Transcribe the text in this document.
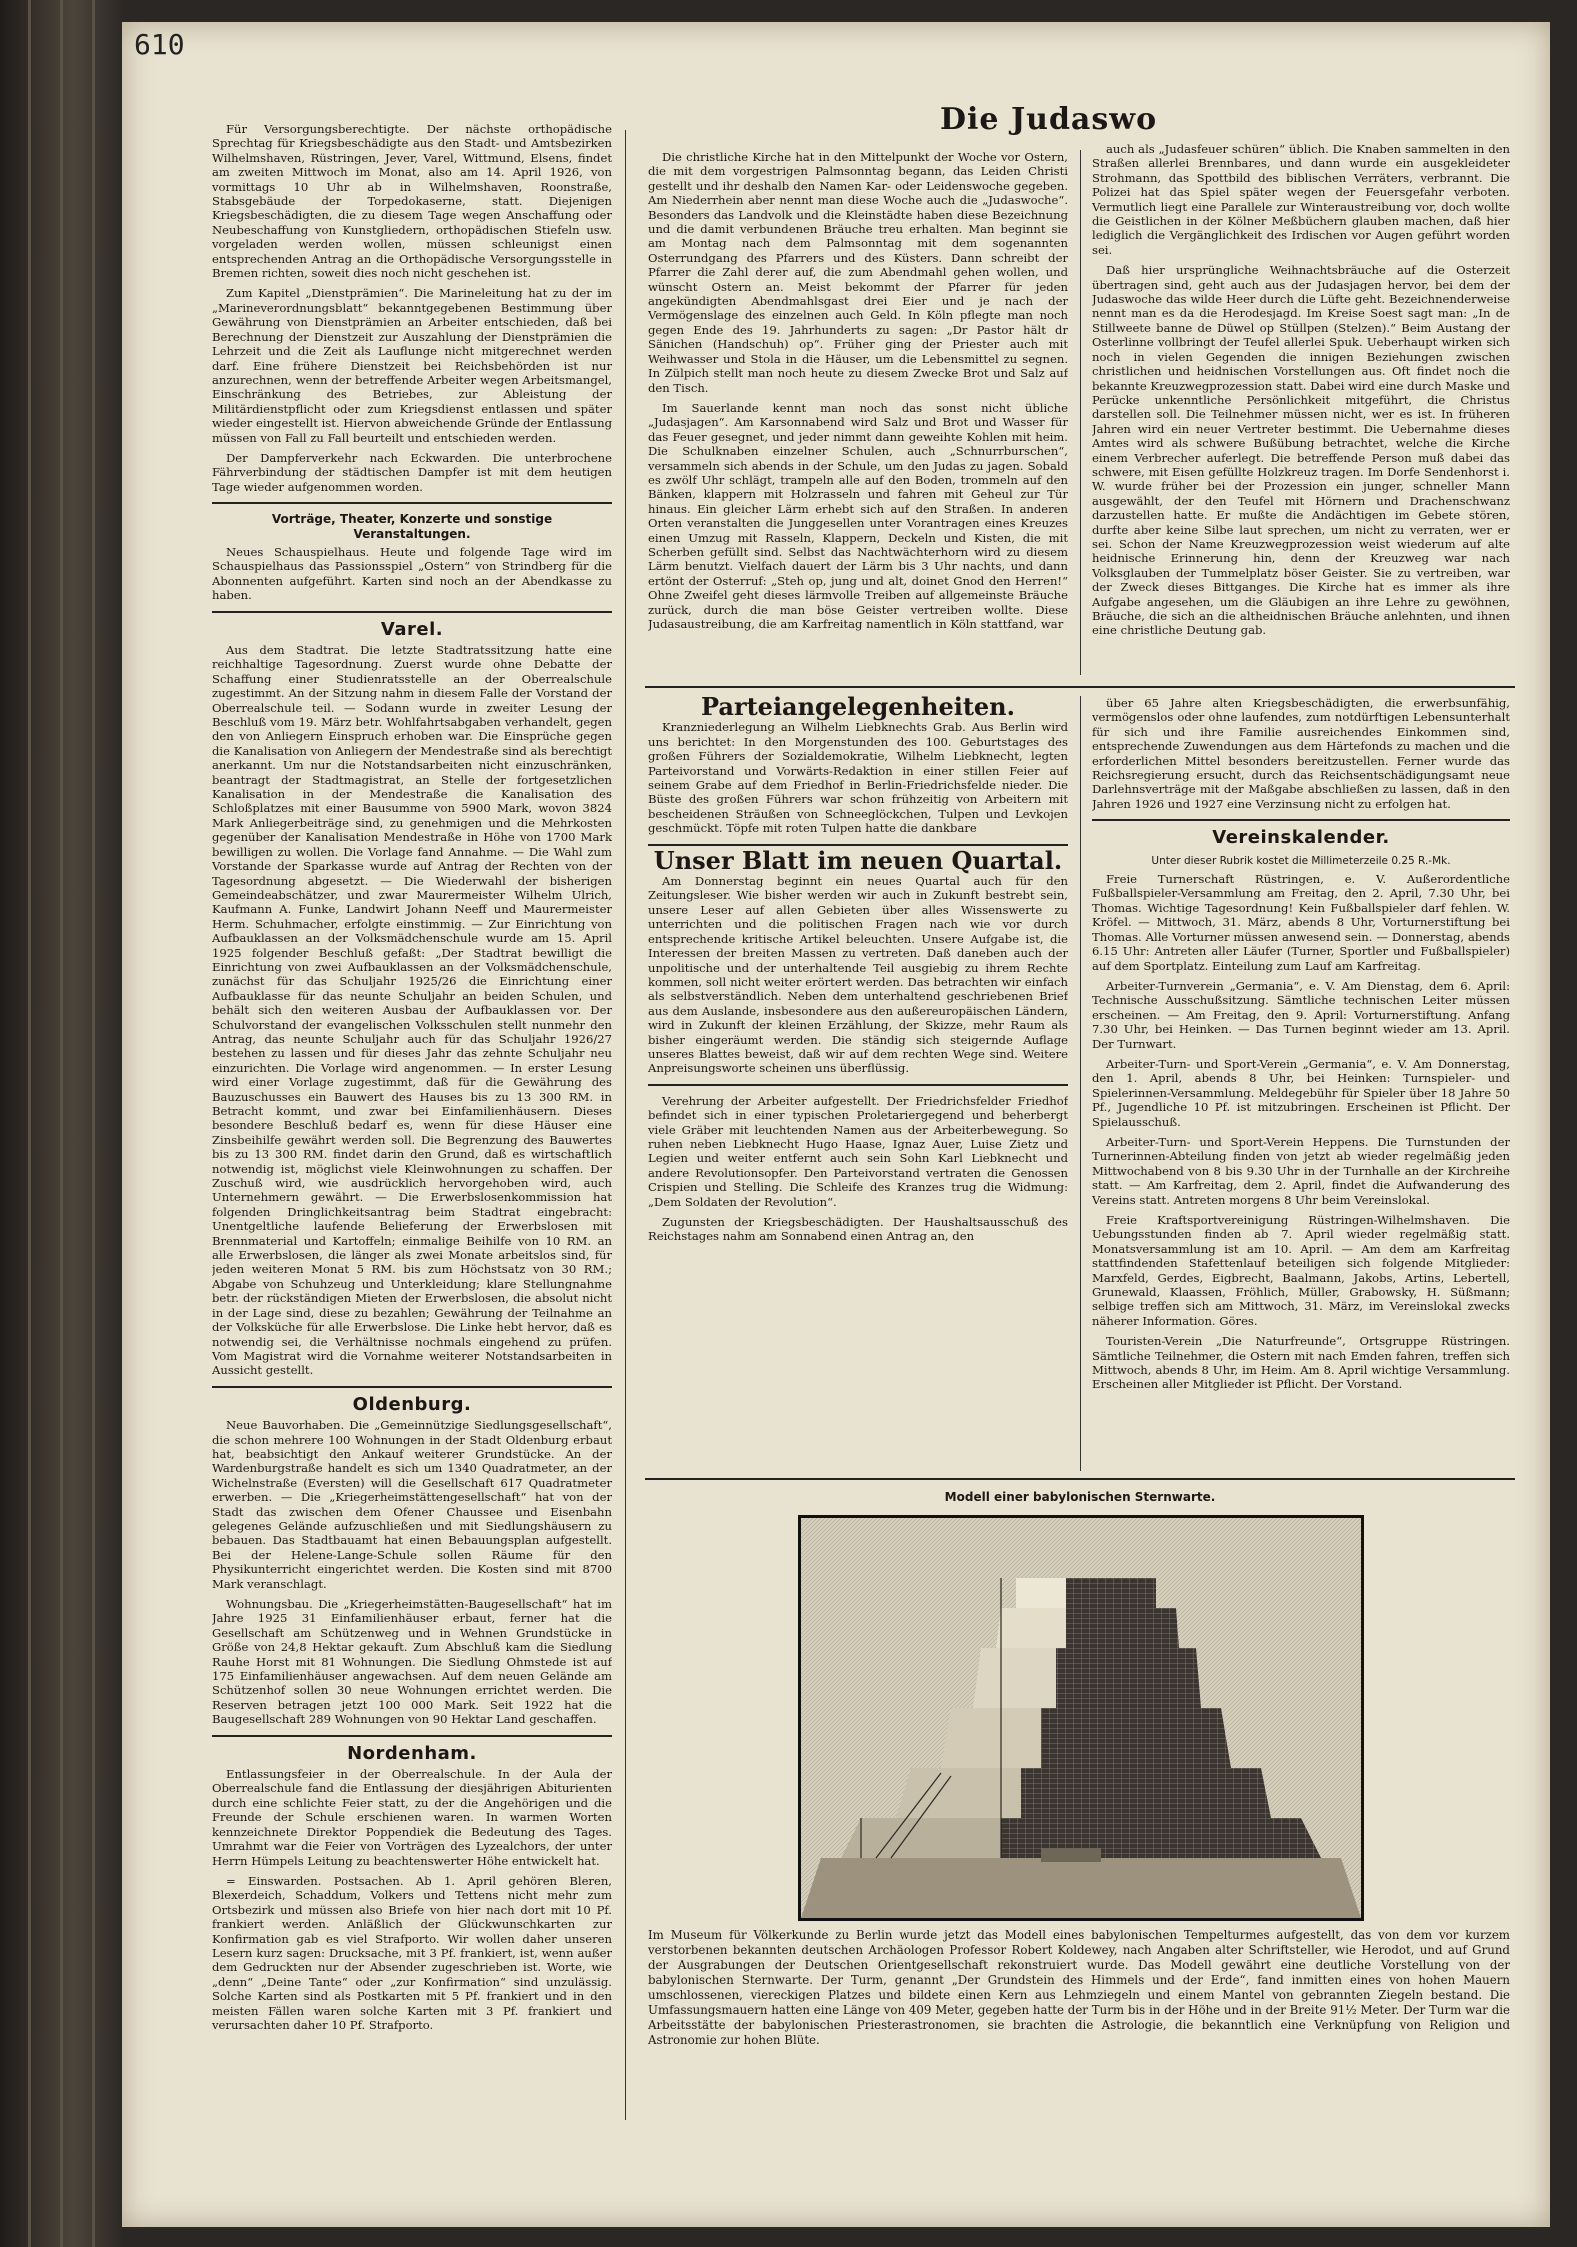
610

Für Versorgungsberechtigte. Der nächste orthopädische Sprechtag für Kriegsbeschädigte aus den Stadt- und Amtsbezirken Wilhelmshaven, Rüstringen, Jever, Varel, Wittmund, Elsens, findet am zweiten Mittwoch im Monat, also am 14. April 1926, von vormittags 10 Uhr ab in Wilhelmshaven, Roonstraße, Stabsgebäude der Torpedokaserne, statt. Diejenigen Kriegsbeschädigten, die zu diesem Tage wegen Anschaffung oder Neubeschaffung von Kunstgliedern, orthopädischen Stiefeln usw. vorgeladen werden wollen, müssen schleunigst einen entsprechenden Antrag an die Orthopädische Versorgungsstelle in Bremen richten, soweit dies noch nicht geschehen ist.

Zum Kapitel „Dienstprämien“. Die Marineleitung hat zu der im „Marineverordnungsblatt“ bekanntgegebenen Bestimmung über Gewährung von Dienstprämien an Arbeiter entschieden, daß bei Berechnung der Dienstzeit zur Auszahlung der Dienstprämien die Lehrzeit und die Zeit als Lauflunge nicht mitgerechnet werden darf. Eine frühere Dienstzeit bei Reichsbehörden ist nur anzurechnen, wenn der betreffende Arbeiter wegen Arbeitsmangel, Einschränkung des Betriebes, zur Ableistung der Militärdienstpflicht oder zum Kriegsdienst entlassen und später wieder eingestellt ist. Hiervon abweichende Gründe der Entlassung müssen von Fall zu Fall beurteilt und entschieden werden.

Der Dampferverkehr nach Eckwarden. Die unterbrochene Fährverbindung der städtischen Dampfer ist mit dem heutigen Tage wieder aufgenommen worden.

Vorträge, Theater, Konzerte und sonstige Veranstaltungen.

Neues Schauspielhaus. Heute und folgende Tage wird im Schauspielhaus das Passionsspiel „Ostern“ von Strindberg für die Abonnenten aufgeführt. Karten sind noch an der Abendkasse zu haben.

Varel.

Aus dem Stadtrat. Die letzte Stadtratssitzung hatte eine reichhaltige Tagesordnung. Zuerst wurde ohne Debatte der Schaffung einer Studienratsstelle an der Oberrealschule zugestimmt. An der Sitzung nahm in diesem Falle der Vorstand der Oberrealschule teil. — Sodann wurde in zweiter Lesung der Beschluß vom 19. März betr. Wohlfahrtsabgaben verhandelt, gegen den von Anliegern Einspruch erhoben war. Die Einsprüche gegen die Kanalisation von Anliegern der Mendestraße sind als berechtigt anerkannt. Um nur die Notstandsarbeiten nicht einzuschränken, beantragt der Stadtmagistrat, an Stelle der fortgesetzlichen Kanalisation in der Mendestraße die Kanalisation des Schloßplatzes mit einer Bausumme von 5900 Mark, wovon 3824 Mark Anliegerbeiträge sind, zu genehmigen und die Mehrkosten gegenüber der Kanalisation Mendestraße in Höhe von 1700 Mark bewilligen zu wollen. Die Vorlage fand Annahme. — Die Wahl zum Vorstande der Sparkasse wurde auf Antrag der Rechten von der Tagesordnung abgesetzt. — Die Wiederwahl der bisherigen Gemeindeabschätzer, und zwar Maurermeister Wilhelm Ulrich, Kaufmann A. Funke, Landwirt Johann Neeff und Maurermeister Herm. Schuhmacher, erfolgte einstimmig. — Zur Einrichtung von Aufbauklassen an der Volksmädchenschule wurde am 15. April 1925 folgender Beschluß gefaßt: „Der Stadtrat bewilligt die Einrichtung von zwei Aufbauklassen an der Volksmädchenschule, zunächst für das Schuljahr 1925/26 die Einrichtung einer Aufbauklasse für das neunte Schuljahr an beiden Schulen, und behält sich den weiteren Ausbau der Aufbauklassen vor. Der Schulvorstand der evangelischen Volksschulen stellt nunmehr den Antrag, das neunte Schuljahr auch für das Schuljahr 1926/27 bestehen zu lassen und für dieses Jahr das zehnte Schuljahr neu einzurichten. Die Vorlage wird angenommen. — In erster Lesung wird einer Vorlage zugestimmt, daß für die Gewährung des Bauzuschusses ein Bauwert des Hauses bis zu 13 300 RM. in Betracht kommt, und zwar bei Einfamilienhäusern. Dieses besondere Beschluß bedarf es, wenn für diese Häuser eine Zinsbeihilfe gewährt werden soll. Die Begrenzung des Bauwertes bis zu 13 300 RM. findet darin den Grund, daß es wirtschaftlich notwendig ist, möglichst viele Kleinwohnungen zu schaffen. Der Zuschuß wird, wie ausdrücklich hervorgehoben wird, auch Unternehmern gewährt. — Die Erwerbslosenkommission hat folgenden Dringlichkeitsantrag beim Stadtrat eingebracht: Unentgeltliche laufende Belieferung der Erwerbslosen mit Brennmaterial und Kartoffeln; einmalige Beihilfe von 10 RM. an alle Erwerbslosen, die länger als zwei Monate arbeitslos sind, für jeden weiteren Monat 5 RM. bis zum Höchstsatz von 30 RM.; Abgabe von Schuhzeug und Unterkleidung; klare Stellungnahme betr. der rückständigen Mieten der Erwerbslosen, die absolut nicht in der Lage sind, diese zu bezahlen; Gewährung der Teilnahme an der Volksküche für alle Erwerbslose. Die Linke hebt hervor, daß es notwendig sei, die Verhältnisse nochmals eingehend zu prüfen. Vom Magistrat wird die Vornahme weiterer Notstandsarbeiten in Aussicht gestellt.

Oldenburg.

Neue Bauvorhaben. Die „Gemeinnützige Siedlungsgesellschaft“, die schon mehrere 100 Wohnungen in der Stadt Oldenburg erbaut hat, beabsichtigt den Ankauf weiterer Grundstücke. An der Wardenburgstraße handelt es sich um 1340 Quadratmeter, an der Wichelnstraße (Eversten) will die Gesellschaft 617 Quadratmeter erwerben. — Die „Kriegerheimstättengesellschaft“ hat von der Stadt das zwischen dem Ofener Chaussee und Eisenbahn gelegenes Gelände aufzuschließen und mit Siedlungshäusern zu bebauen. Das Stadtbauamt hat einen Bebauungsplan aufgestellt. Bei der Helene-Lange-Schule sollen Räume für den Physikunterricht eingerichtet werden. Die Kosten sind mit 8700 Mark veranschlagt.

Wohnungsbau. Die „Kriegerheimstätten-Baugesellschaft“ hat im Jahre 1925 31 Einfamilienhäuser erbaut, ferner hat die Gesellschaft am Schützenweg und in Wehnen Grundstücke in Größe von 24,8 Hektar gekauft. Zum Abschluß kam die Siedlung Rauhe Horst mit 81 Wohnungen. Die Siedlung Ohmstede ist auf 175 Einfamilienhäuser angewachsen. Auf dem neuen Gelände am Schützenhof sollen 30 neue Wohnungen errichtet werden. Die Reserven betragen jetzt 100 000 Mark. Seit 1922 hat die Baugesellschaft 289 Wohnungen von 90 Hektar Land geschaffen.

Nordenham.

Entlassungsfeier in der Oberrealschule. In der Aula der Oberrealschule fand die Entlassung der diesjährigen Abiturienten durch eine schlichte Feier statt, zu der die Angehörigen und die Freunde der Schule erschienen waren. In warmen Worten kennzeichnete Direktor Poppendiek die Bedeutung des Tages. Umrahmt war die Feier von Vorträgen des Lyzealchors, der unter Herrn Hümpels Leitung zu beachtenswerter Höhe entwickelt hat.

= Einswarden. Postsachen. Ab 1. April gehören Bleren, Blexerdeich, Schaddum, Volkers und Tettens nicht mehr zum Ortsbezirk und müssen also Briefe von hier nach dort mit 10 Pf. frankiert werden. Anläßlich der Glückwunschkarten zur Konfirmation gab es viel Strafporto. Wir wollen daher unseren Lesern kurz sagen: Drucksache, mit 3 Pf. frankiert, ist, wenn außer dem Gedruckten nur der Absender zugeschrieben ist. Worte, wie „denn“ „Deine Tante“ oder „zur Konfirmation“ sind unzulässig. Solche Karten sind als Postkarten mit 5 Pf. frankiert und in den meisten Fällen waren solche Karten mit 3 Pf. frankiert und verursachten daher 10 Pf. Strafporto.

Die Judaswo

Die christliche Kirche hat in den Mittelpunkt der Woche vor Ostern, die mit dem vorgestrigen Palmsonntag begann, das Leiden Christi gestellt und ihr deshalb den Namen Kar- oder Leidenswoche gegeben. Am Niederrhein aber nennt man diese Woche auch die „Judaswoche“. Besonders das Landvolk und die Kleinstädte haben diese Bezeichnung und die damit verbundenen Bräuche treu erhalten. Man beginnt sie am Montag nach dem Palmsonntag mit dem sogenannten Osterrundgang des Pfarrers und des Küsters. Dann schreibt der Pfarrer die Zahl derer auf, die zum Abendmahl gehen wollen, und wünscht Ostern an. Meist bekommt der Pfarrer für jeden angekündigten Abendmahlsgast drei Eier und je nach der Vermögenslage des einzelnen auch Geld. In Köln pflegte man noch gegen Ende des 19. Jahrhunderts zu sagen: „Dr Pastor hält dr Sänichen (Handschuh) op“. Früher ging der Priester auch mit Weihwasser und Stola in die Häuser, um die Lebensmittel zu segnen. In Zülpich stellt man noch heute zu diesem Zwecke Brot und Salz auf den Tisch.

Im Sauerlande kennt man noch das sonst nicht übliche „Judasjagen“. Am Karsonnabend wird Salz und Brot und Wasser für das Feuer gesegnet, und jeder nimmt dann geweihte Kohlen mit heim. Die Schulknaben einzelner Schulen, auch „Schnurrburschen“, versammeln sich abends in der Schule, um den Judas zu jagen. Sobald es zwölf Uhr schlägt, trampeln alle auf den Boden, trommeln auf den Bänken, klappern mit Holzrasseln und fahren mit Geheul zur Tür hinaus. Ein gleicher Lärm erhebt sich auf den Straßen. In anderen Orten veranstalten die Junggesellen unter Vorantragen eines Kreuzes einen Umzug mit Rasseln, Klappern, Deckeln und Kisten, die mit Scherben gefüllt sind. Selbst das Nachtwächterhorn wird zu diesem Lärm benutzt. Vielfach dauert der Lärm bis 3 Uhr nachts, und dann ertönt der Osterruf: „Steh op, jung und alt, doinet Gnod den Herren!“ Ohne Zweifel geht dieses lärmvolle Treiben auf allgemeinste Bräuche zurück, durch die man böse Geister vertreiben wollte. Diese Judasaustreibung, die am Karfreitag namentlich in Köln stattfand, war

auch als „Judasfeuer schüren“ üblich. Die Knaben sammelten in den Straßen allerlei Brennbares, und dann wurde ein ausgekleideter Strohmann, das Spottbild des biblischen Verräters, verbrannt. Die Polizei hat das Spiel später wegen der Feuersgefahr verboten. Vermutlich liegt eine Parallele zur Winteraustreibung vor, doch wollte die Geistlichen in der Kölner Meßbüchern glauben machen, daß hier lediglich die Vergänglichkeit des Irdischen vor Augen geführt worden sei.

Daß hier ursprüngliche Weihnachtsbräuche auf die Osterzeit übertragen sind, geht auch aus der Judasjagen hervor, bei dem der Judaswoche das wilde Heer durch die Lüfte geht. Bezeichnenderweise nennt man es da die Herodesjagd. Im Kreise Soest sagt man: „In de Stillweete banne de Düwel op Stüllpen (Stelzen).“ Beim Austang der Osterlinne vollbringt der Teufel allerlei Spuk. Ueberhaupt wirken sich noch in vielen Gegenden die innigen Beziehungen zwischen christlichen und heidnischen Vorstellungen aus. Oft findet noch die bekannte Kreuzwegprozession statt. Dabei wird eine durch Maske und Perücke unkenntliche Persönlichkeit mitgeführt, die Christus darstellen soll. Die Teilnehmer müssen nicht, wer es ist. In früheren Jahren wird ein neuer Vertreter bestimmt. Die Uebernahme dieses Amtes wird als schwere Bußübung betrachtet, welche die Kirche einem Verbrecher auferlegt. Die betreffende Person muß dabei das schwere, mit Eisen gefüllte Holzkreuz tragen. Im Dorfe Sendenhorst i. W. wurde früher bei der Prozession ein junger, schneller Mann ausgewählt, der den Teufel mit Hörnern und Drachenschwanz darzustellen hatte. Er mußte die Andächtigen im Gebete stören, durfte aber keine Silbe laut sprechen, um nicht zu verraten, wer er sei. Schon der Name Kreuzwegprozession weist wiederum auf alte heidnische Erinnerung hin, denn der Kreuzweg war nach Volksglauben der Tummelplatz böser Geister. Sie zu vertreiben, war der Zweck dieses Bittganges. Die Kirche hat es immer als ihre Aufgabe angesehen, um die Gläubigen an ihre Lehre zu gewöhnen, Bräuche, die sich an die altheidnischen Bräuche anlehnten, und ihnen eine christliche Deutung gab.

Parteiangelegenheiten.

Kranzniederlegung an Wilhelm Liebknechts Grab. Aus Berlin wird uns berichtet: In den Morgenstunden des 100. Geburtstages des großen Führers der Sozialdemokratie, Wilhelm Liebknecht, legten Parteivorstand und Vorwärts-Redaktion in einer stillen Feier auf seinem Grabe auf dem Friedhof in Berlin-Friedrichsfelde nieder. Die Büste des großen Führers war schon frühzeitig von Arbeitern mit bescheidenen Sträußen von Schneeglöckchen, Tulpen und Levkojen geschmückt. Töpfe mit roten Tulpen hatte die dankbare

Unser Blatt im neuen Quartal.

Am Donnerstag beginnt ein neues Quartal auch für den Zeitungsleser. Wie bisher werden wir auch in Zukunft bestrebt sein, unsere Leser auf allen Gebieten über alles Wissenswerte zu unterrichten und die politischen Fragen nach wie vor durch entsprechende kritische Artikel beleuchten. Unsere Aufgabe ist, die Interessen der breiten Massen zu vertreten. Daß daneben auch der unpolitische und der unterhaltende Teil ausgiebig zu ihrem Rechte kommen, soll nicht weiter erörtert werden. Das betrachten wir einfach als selbstverständlich. Neben dem unterhaltend geschriebenen Brief aus dem Auslande, insbesondere aus den außereuropäischen Ländern, wird in Zukunft der kleinen Erzählung, der Skizze, mehr Raum als bisher eingeräumt werden. Die ständig sich steigernde Auflage unseres Blattes beweist, daß wir auf dem rechten Wege sind. Weitere Anpreisungsworte scheinen uns überflüssig.

Verehrung der Arbeiter aufgestellt. Der Friedrichsfelder Friedhof befindet sich in einer typischen Proletariergegend und beherbergt viele Gräber mit leuchtenden Namen aus der Arbeiterbewegung. So ruhen neben Liebknecht Hugo Haase, Ignaz Auer, Luise Zietz und Legien und weiter entfernt auch sein Sohn Karl Liebknecht und andere Revolutionsopfer. Den Parteivorstand vertraten die Genossen Crispien und Stelling. Die Schleife des Kranzes trug die Widmung: „Dem Soldaten der Revolution“.

Zugunsten der Kriegsbeschädigten. Der Haushaltsausschuß des Reichstages nahm am Sonnabend einen Antrag an, den

über 65 Jahre alten Kriegsbeschädigten, die erwerbsunfähig, vermögenslos oder ohne laufendes, zum notdürftigen Lebensunterhalt für sich und ihre Familie ausreichendes Einkommen sind, entsprechende Zuwendungen aus dem Härtefonds zu machen und die erforderlichen Mittel besonders bereitzustellen. Ferner wurde das Reichsregierung ersucht, durch das Reichsentschädigungsamt neue Darlehnsverträge mit der Maßgabe abschließen zu lassen, daß in den Jahren 1926 und 1927 eine Verzinsung nicht zu erfolgen hat.

Vereinskalender.
Unter dieser Rubrik kostet die Millimeterzeile 0.25 R.-Mk.

Freie Turnerschaft Rüstringen, e. V. Außerordentliche Fußballspieler-Versammlung am Freitag, den 2. April, 7.30 Uhr, bei Thomas. Wichtige Tagesordnung! Kein Fußballspieler darf fehlen. W. Kröfel. — Mittwoch, 31. März, abends 8 Uhr, Vorturnerstiftung bei Thomas. Alle Vorturner müssen anwesend sein. — Donnerstag, abends 6.15 Uhr: Antreten aller Läufer (Turner, Sportler und Fußballspieler) auf dem Sportplatz. Einteilung zum Lauf am Karfreitag.

Arbeiter-Turnverein „Germania“, e. V. Am Dienstag, dem 6. April: Technische Ausschußsitzung. Sämtliche technischen Leiter müssen erscheinen. — Am Freitag, den 9. April: Vorturnerstiftung. Anfang 7.30 Uhr, bei Heinken. — Das Turnen beginnt wieder am 13. April. Der Turnwart.

Arbeiter-Turn- und Sport-Verein „Germania“, e. V. Am Donnerstag, den 1. April, abends 8 Uhr, bei Heinken: Turnspieler- und Spielerinnen-Versammlung. Meldegebühr für Spieler über 18 Jahre 50 Pf., Jugendliche 10 Pf. ist mitzubringen. Erscheinen ist Pflicht. Der Spielausschuß.

Arbeiter-Turn- und Sport-Verein Heppens. Die Turnstunden der Turnerinnen-Abteilung finden von jetzt ab wieder regelmäßig jeden Mittwochabend von 8 bis 9.30 Uhr in der Turnhalle an der Kirchreihe statt. — Am Karfreitag, dem 2. April, findet die Aufwanderung des Vereins statt. Antreten morgens 8 Uhr beim Vereinslokal.

Freie Kraftsportvereinigung Rüstringen-Wilhelmshaven. Die Uebungsstunden finden ab 7. April wieder regelmäßig statt. Monatsversammlung ist am 10. April. — Am dem am Karfreitag stattfindenden Stafettenlauf beteiligen sich folgende Mitglieder: Marxfeld, Gerdes, Eigbrecht, Baalmann, Jakobs, Artins, Lebertell, Grunewald, Klaassen, Fröhlich, Müller, Grabowsky, H. Süßmann; selbige treffen sich am Mittwoch, 31. März, im Vereinslokal zwecks näherer Information. Göres.

Touristen-Verein „Die Naturfreunde“, Ortsgruppe Rüstringen. Sämtliche Teilnehmer, die Ostern mit nach Emden fahren, treffen sich Mittwoch, abends 8 Uhr, im Heim. Am 8. April wichtige Versammlung. Erscheinen aller Mitglieder ist Pflicht. Der Vorstand.

Modell einer babylonischen Sternwarte.
Im Museum für Völkerkunde zu Berlin wurde jetzt das Modell eines babylonischen Tempelturmes aufgestellt, das von dem vor kurzem verstorbenen bekannten deutschen Archäologen Professor Robert Koldewey, nach Angaben alter Schriftsteller, wie Herodot, und auf Grund der Ausgrabungen der Deutschen Orientgesellschaft rekonstruiert wurde. Das Modell gewährt eine deutliche Vorstellung von der babylonischen Sternwarte. Der Turm, genannt „Der Grundstein des Himmels und der Erde“, fand inmitten eines von hohen Mauern umschlossenen, viereckigen Platzes und bildete einen Kern aus Lehmziegeln und einem Mantel von gebrannten Ziegeln bestand. Die Umfassungsmauern hatten eine Länge von 409 Meter, gegeben hatte der Turm bis in der Höhe und in der Breite 91½ Meter. Der Turm war die Arbeitsstätte der babylonischen Priesterastronomen, sie brachten die Astrologie, die bekanntlich eine Verknüpfung von Religion und Astronomie zur hohen Blüte.
